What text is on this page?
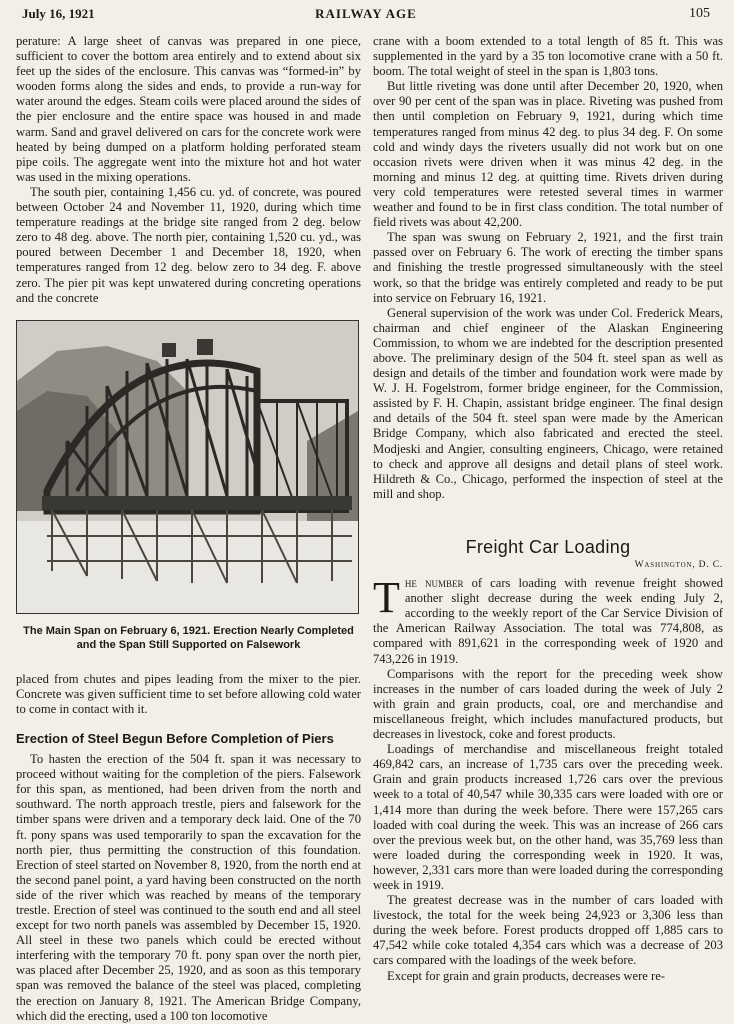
July 16, 1921	RAILWAY AGE	105

perature: A large sheet of canvas was prepared in one piece, sufficient to cover the bottom area entirely and to extend about six feet up the sides of the enclosure. This canvas was “formed-in” by wooden forms along the sides and ends, to provide a run-way for water around the edges. Steam coils were placed around the sides of the pier enclosure and the entire space was housed in and made warm. Sand and gravel delivered on cars for the concrete work were heated by being dumped on a platform holding perforated steam pipe coils. The aggregate went into the mixture hot and hot water was used in the mixing operations.

The south pier, containing 1,456 cu. yd. of concrete, was poured between October 24 and November 11, 1920, during which time temperature readings at the bridge site ranged from 2 deg. below zero to 48 deg. above. The north pier, containing 1,520 cu. yd., was poured between December 1 and December 18, 1920, when temperatures ranged from 12 deg. below zero to 34 deg. F. above zero. The pier pit was kept unwatered during concreting operations and the concrete

The Main Span on February 6, 1921. Erection Nearly Completed and the Span Still Supported on Falsework

placed from chutes and pipes leading from the mixer to the pier. Concrete was given sufficient time to set before allowing cold water to come in contact with it.

Erection of Steel Begun Before Completion of Piers

To hasten the erection of the 504 ft. span it was necessary to proceed without waiting for the completion of the piers. Falsework for this span, as mentioned, had been driven from the north and southward. The north approach trestle, piers and falsework for the timber spans were driven and a temporary deck laid. One of the 70 ft. pony spans was used temporarily to span the excavation for the north pier, thus permitting the construction of this foundation. Erection of steel started on November 8, 1920, from the north end at the second panel point, a yard having been constructed on the north side of the river which was reached by means of the temporary trestle. Erection of steel was continued to the south end and all steel except for two north panels was assembled by December 15, 1920. All steel in these two panels which could be erected without interfering with the temporary 70 ft. pony span over the north pier, was placed after December 25, 1920, and as soon as this temporary span was removed the balance of the steel was placed, completing the erection on January 8, 1921. The American Bridge Company, which did the erecting, used a 100 ton locomotive

crane with a boom extended to a total length of 85 ft. This was supplemented in the yard by a 35 ton locomotive crane with a 50 ft. boom. The total weight of steel in the span is 1,803 tons.

But little riveting was done until after December 20, 1920, when over 90 per cent of the span was in place. Riveting was pushed from then until completion on February 9, 1921, during which time temperatures ranged from minus 42 deg. to plus 34 deg. F. On some cold and windy days the riveters usually did not work but on one occasion rivets were driven when it was minus 42 deg. in the morning and minus 12 deg. at quitting time. Rivets driven during very cold temperatures were retested several times in warmer weather and found to be in first class condition. The total number of field rivets was about 42,200.

The span was swung on February 2, 1921, and the first train passed over on February 6. The work of erecting the timber spans and finishing the trestle progressed simultaneously with the steel work, so that the bridge was entirely completed and ready to be put into service on February 16, 1921.

General supervision of the work was under Col. Frederick Mears, chairman and chief engineer of the Alaskan Engineering Commission, to whom we are indebted for the description presented above. The preliminary design of the 504 ft. steel span as well as design and details of the timber and foundation work were made by W. J. H. Fogelstrom, former bridge engineer, for the Commission, assisted by F. H. Chapin, assistant bridge engineer. The final design and details of the 504 ft. steel span were made by the American Bridge Company, which also fabricated and erected the steel. Modjeski and Angier, consulting engineers, Chicago, were retained to check and approve all designs and detail plans of steel work. Hildreth & Co., Chicago, performed the inspection of steel at the mill and shop.

Freight Car Loading
Washington, D. C.

The number of cars loading with revenue freight showed another slight decrease during the week ending July 2, according to the weekly report of the Car Service Division of the American Railway Association. The total was 774,808, as compared with 891,621 in the corresponding week of 1920 and 743,226 in 1919.

Comparisons with the report for the preceding week show increases in the number of cars loaded during the week of July 2 with grain and grain products, coal, ore and merchandise and miscellaneous freight, which includes manufactured products, but decreases in livestock, coke and forest products.

Loadings of merchandise and miscellaneous freight totaled 469,842 cars, an increase of 1,735 cars over the preceding week. Grain and grain products increased 1,726 cars over the previous week to a total of 40,547 while 30,335 cars were loaded with ore or 1,414 more than during the week before. There were 157,265 cars loaded with coal during the week. This was an increase of 266 cars over the previous week but, on the other hand, was 35,769 less than were loaded during the corresponding week in 1920. It was, however, 2,331 cars more than were loaded during the corresponding week in 1919.

The greatest decrease was in the number of cars loaded with livestock, the total for the week being 24,923 or 3,306 less than during the week before. Forest products dropped off 1,885 cars to 47,542 while coke totaled 4,354 cars which was a decrease of 203 cars compared with the loadings of the week before.

Except for grain and grain products, decreases were re-
